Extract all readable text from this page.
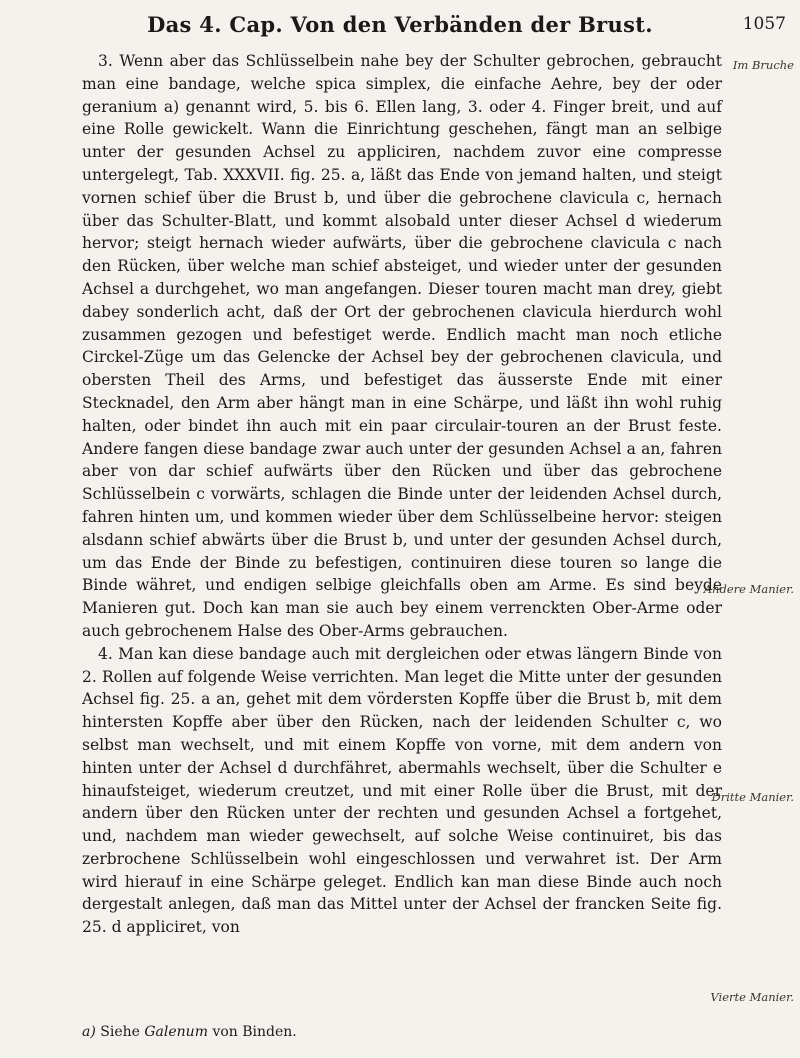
Das 4. Cap. Von den Verbänden der Brust.	1057

3. Wenn aber das Schlüsselbein nahe bey der Schulter gebrochen, gebraucht man eine bandage, welche spica simplex, die einfache Aehre, bey der oder geranium a) genannt wird, 5. bis 6. Ellen lang, 3. oder 4. Finger breit, und auf eine Rolle gewickelt. Wann die Einrichtung geschehen, fängt man an selbige unter der gesunden Achsel zu appliciren, nachdem zuvor eine compresse untergelegt, Tab. XXXVII. fig. 25. a, läßt das Ende von jemand halten, und steigt vornen schief über die Brust b, und über die gebrochene clavicula c, hernach über das Schulter-Blatt, und kommt alsobald unter dieser Achsel d wiederum hervor; steigt hernach wieder aufwärts, über die gebrochene clavicula c nach den Rücken, über welche man schief absteiget, und wieder unter der gesunden Achsel a durchgehet, wo man angefangen. Dieser touren macht man drey, giebt dabey sonderlich acht, daß der Ort der gebrochenen clavicula hierdurch wohl zusammen gezogen und befestiget werde. Endlich macht man noch etliche Circkel-Züge um das Gelencke der Achsel bey der gebrochenen clavicula, und obersten Theil des Arms, und befestiget das äusserste Ende mit einer Stecknadel, den Arm aber hängt man in eine Schärpe, und läßt ihn wohl ruhig halten, oder bindet ihn auch mit ein paar circulair-touren an der Brust feste. Andere fangen diese bandage zwar auch unter der gesunden Achsel a an, fahren aber von dar schief aufwärts über den Rücken und über das gebrochene Schlüsselbein c vorwärts, schlagen die Binde unter der leidenden Achsel durch, fahren hinten um, und kommen wieder über dem Schlüsselbeine hervor: steigen alsdann schief abwärts über die Brust b, und unter der gesunden Achsel durch, um das Ende der Binde zu befestigen, continuiren diese touren so lange die Binde währet, und endigen selbige gleichfalls oben am Arme. Es sind beyde Manieren gut. Doch kan man sie auch bey einem verrenckten Ober-Arme oder auch gebrochenem Halse des Ober-Arms gebrauchen.

4. Man kan diese bandage auch mit dergleichen oder etwas längern Binde von 2. Rollen auf folgende Weise verrichten. Man leget die Mitte unter der gesunden Achsel fig. 25. a an, gehet mit dem vördersten Kopffe über die Brust b, mit dem hintersten Kopffe aber über den Rücken, nach der leidenden Schulter c, wo selbst man wechselt, und mit einem Kopffe von vorne, mit dem andern von hinten unter der Achsel d durchfähret, abermahls wechselt, über die Schulter e hinaufsteiget, wiederum creutzet, und mit einer Rolle über die Brust, mit der andern über den Rücken unter der rechten und gesunden Achsel a fortgehet, und, nachdem man wieder gewechselt, auf solche Weise continuiret, bis das zerbrochene Schlüsselbein wohl eingeschlossen und verwahret ist. Der Arm wird hierauf in eine Schärpe geleget. Endlich kan man diese Binde auch noch dergestalt anlegen, daß man das Mittel unter der Achsel der francken Seite fig. 25. d appliciret, von

Im Bruche
Andere Manier.
Dritte Manier.
Vierte Manier.
a) Siehe Galenum von Binden.
